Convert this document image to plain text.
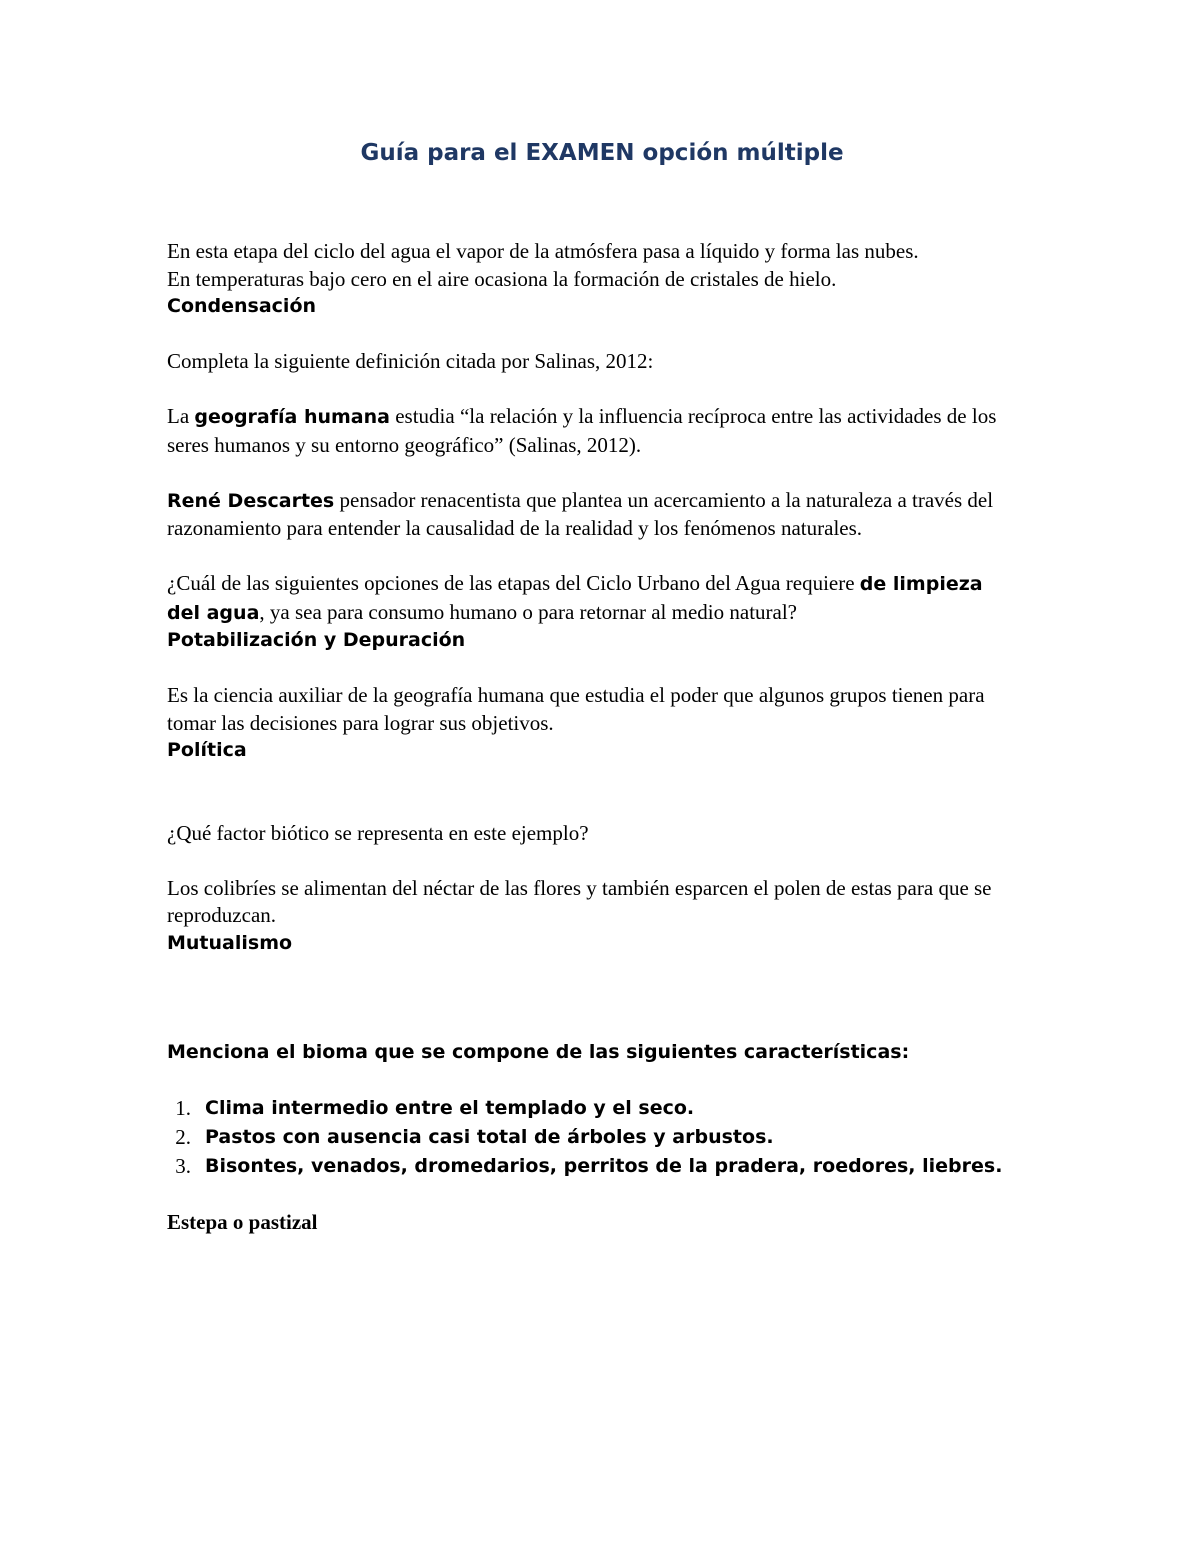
Guía para el EXAMEN opción múltiple

En esta etapa del ciclo del agua el vapor de la atmósfera pasa a líquido y forma las nubes.

En temperaturas bajo cero en el aire ocasiona la formación de cristales de hielo.

Condensación

Completa la siguiente definición citada por Salinas, 2012:

La geografía humana estudia “la relación y la influencia recíproca entre las actividades de los seres humanos y su entorno geográfico” (Salinas, 2012).

René Descartes pensador renacentista que plantea un acercamiento a la naturaleza a través del razonamiento para entender la causalidad de la realidad y los fenómenos naturales.

¿Cuál de las siguientes opciones de las etapas del Ciclo Urbano del Agua requiere de limpieza del agua, ya sea para consumo humano o para retornar al medio natural?

Potabilización y Depuración

Es la ciencia auxiliar de la geografía humana que estudia el poder que algunos grupos tienen para tomar las decisiones para lograr sus objetivos.

Política

¿Qué factor biótico se representa en este ejemplo?

Los colibríes se alimentan del néctar de las flores y también esparcen el polen de estas para que se reproduzcan.

Mutualismo

Menciona el bioma que se compone de las siguientes características:

1. Clima intermedio entre el templado y el seco.
2. Pastos con ausencia casi total de árboles y arbustos.
3. Bisontes, venados, dromedarios, perritos de la pradera, roedores, liebres.

Estepa o pastizal
